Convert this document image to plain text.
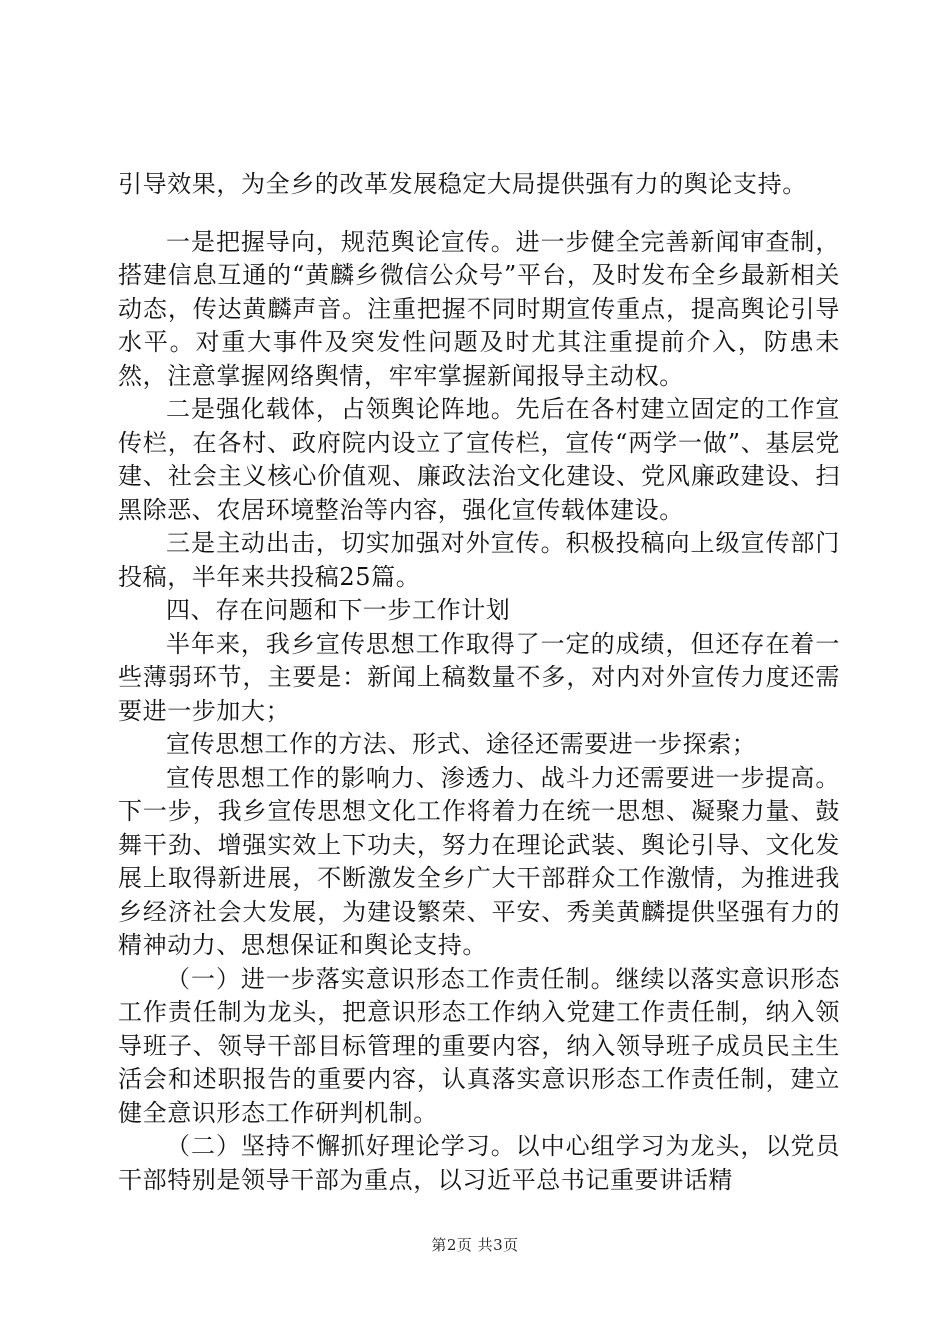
引导效果，为全乡的改革发展稳定大局提供强有力的舆论支持。

一是把握导向，规范舆论宣传。进一步健全完善新闻审查制，搭建信息互通的“黄麟乡微信公众号”平台，及时发布全乡最新相关动态，传达黄麟声音。注重把握不同时期宣传重点，提高舆论引导水平。对重大事件及突发性问题及时尤其注重提前介入，防患未然，注意掌握网络舆情，牢牢掌握新闻报导主动权。

二是强化载体，占领舆论阵地。先后在各村建立固定的工作宣传栏，在各村、政府院内设立了宣传栏，宣传“两学一做”、基层党建、社会主义核心价值观、廉政法治文化建设、党风廉政建设、扫黑除恶、农居环境整治等内容，强化宣传载体建设。

三是主动出击，切实加强对外宣传。积极投稿向上级宣传部门投稿，半年来共投稿25篇。

四、存在问题和下一步工作计划

半年来，我乡宣传思想工作取得了一定的成绩，但还存在着一些薄弱环节，主要是：新闻上稿数量不多，对内对外宣传力度还需要进一步加大；

宣传思想工作的方法、形式、途径还需要进一步探索；

宣传思想工作的影响力、渗透力、战斗力还需要进一步提高。下一步，我乡宣传思想文化工作将着力在统一思想、凝聚力量、鼓舞干劲、增强实效上下功夫，努力在理论武装、舆论引导、文化发展上取得新进展，不断激发全乡广大干部群众工作激情，为推进我乡经济社会大发展，为建设繁荣、平安、秀美黄麟提供坚强有力的精神动力、思想保证和舆论支持。

（一）进一步落实意识形态工作责任制。继续以落实意识形态工作责任制为龙头，把意识形态工作纳入党建工作责任制，纳入领导班子、领导干部目标管理的重要内容，纳入领导班子成员民主生活会和述职报告的重要内容，认真落实意识形态工作责任制，建立健全意识形态工作研判机制。

（二）坚持不懈抓好理论学习。以中心组学习为龙头，以党员干部特别是领导干部为重点，以习近平总书记重要讲话精

第2页 共3页
